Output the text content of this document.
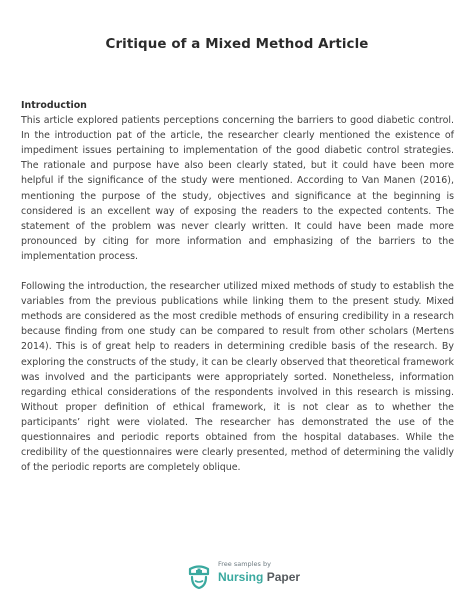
Critique of a Mixed Method Article
Introduction

This article explored patients perceptions concerning the barriers to good diabetic control. In the introduction pat of the article, the researcher clearly mentioned the existence of impediment issues pertaining to implementation of the good diabetic control strategies. The rationale and purpose have also been clearly stated, but it could have been more helpful if the significance of the study were mentioned. According to Van Manen (2016), mentioning the purpose of the study, objectives and significance at the beginning is considered is an excellent way of exposing the readers to the expected contents. The statement of the problem was never clearly written. It could have been made more pronounced by citing for more information and emphasizing of the barriers to the implementation process.

Following the introduction, the researcher utilized mixed methods of study to establish the variables from the previous publications while linking them to the present study. Mixed methods are considered as the most credible methods of ensuring credibility in a research because finding from one study can be compared to result from other scholars (Mertens 2014). This is of great help to readers in determining credible basis of the research. By exploring the constructs of the study, it can be clearly observed that theoretical framework was involved and the participants were appropriately sorted. Nonetheless, information regarding ethical considerations of the respondents involved in this research is missing. Without proper definition of ethical framework, it is not clear as to whether the participants’ right were violated. The researcher has demonstrated the use of the questionnaires and periodic reports obtained from the hospital databases. While the credibility of the questionnaires were clearly presented, method of determining the validly of the periodic reports are completely oblique.

Free samples by
Nursing Paper
